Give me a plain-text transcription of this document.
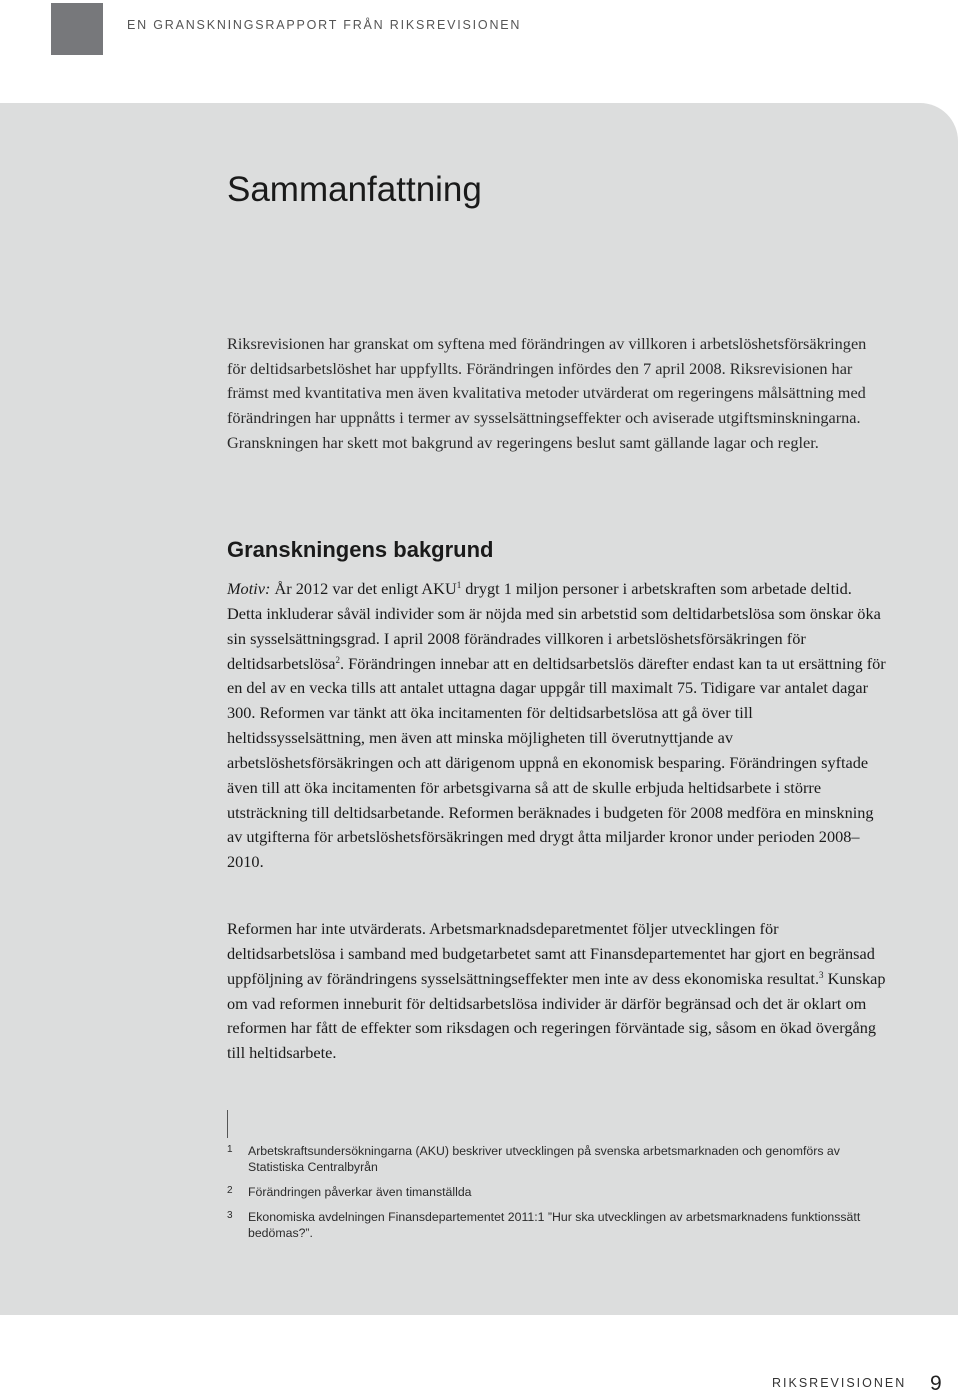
EN GRANSKNINGSRAPPORT FRÅN RIKSREVISIONEN
Sammanfattning

Riksrevisionen har granskat om syftena med förändringen av villkoren i arbetslöshetsförsäkringen för deltidsarbetslöshet har uppfyllts. Förändringen infördes den 7 april 2008. Riksrevisionen har främst med kvantitativa men även kvalitativa metoder utvärderat om regeringens målsättning med förändringen har uppnåtts i termer av sysselsättningseffekter och aviserade utgiftsminskningarna. Granskningen har skett mot bakgrund av regeringens beslut samt gällande lagar och regler.

Granskningens bakgrund

Motiv: År 2012 var det enligt AKU$^1$ drygt 1 miljon personer i arbetskraften som arbetade deltid. Detta inkluderar såväl individer som är nöjda med sin arbetstid som deltidarbetslösa som önskar öka sin sysselsättningsgrad. I april 2008 förändrades villkoren i arbetslöshetsförsäkringen för deltidsarbetslösa$^2$. Förändringen innebar att en deltidsarbetslös därefter endast kan ta ut ersättning för en del av en vecka tills att antalet uttagna dagar uppgår till maximalt 75. Tidigare var antalet dagar 300. Reformen var tänkt att öka incitamenten för deltidsarbetslösa att gå över till heltidssysselsättning, men även att minska möjligheten till överutnyttjande av arbetslöshetsförsäkringen och att därigenom uppnå en ekonomisk besparing. Förändringen syftade även till att öka incitamenten för arbetsgivarna så att de skulle erbjuda heltidsarbete i större utsträckning till deltidsarbetande. Reformen beräknades i budgeten för 2008 medföra en minskning av utgifterna för arbetslöshetsförsäkringen med drygt åtta miljarder kronor under perioden 2008–2010.

Reformen har inte utvärderats. Arbetsmarknadsdeparetmentet följer utvecklingen för deltidsarbetslösa i samband med budgetarbetet samt att Finansdepartementet har gjort en begränsad uppföljning av förändringens sysselsättningseffekter men inte av dess ekonomiska resultat.$^3$ Kunskap om vad reformen inneburit för deltidsarbetslösa individer är därför begränsad och det är oklart om reformen har fått de effekter som riksdagen och regeringen förväntade sig, såsom en ökad övergång till heltidsarbete.

1 Arbetskraftsundersökningarna (AKU) beskriver utvecklingen på svenska arbetsmarknaden och genomförs av Statistiska Centralbyrån
2 Förändringen påverkar även timanställda
3 Ekonomiska avdelningen Finansdepartementet 2011:1 ”Hur ska utvecklingen av arbetsmarknadens funktionssätt bedömas?”.
RIKSREVISIONEN 9
